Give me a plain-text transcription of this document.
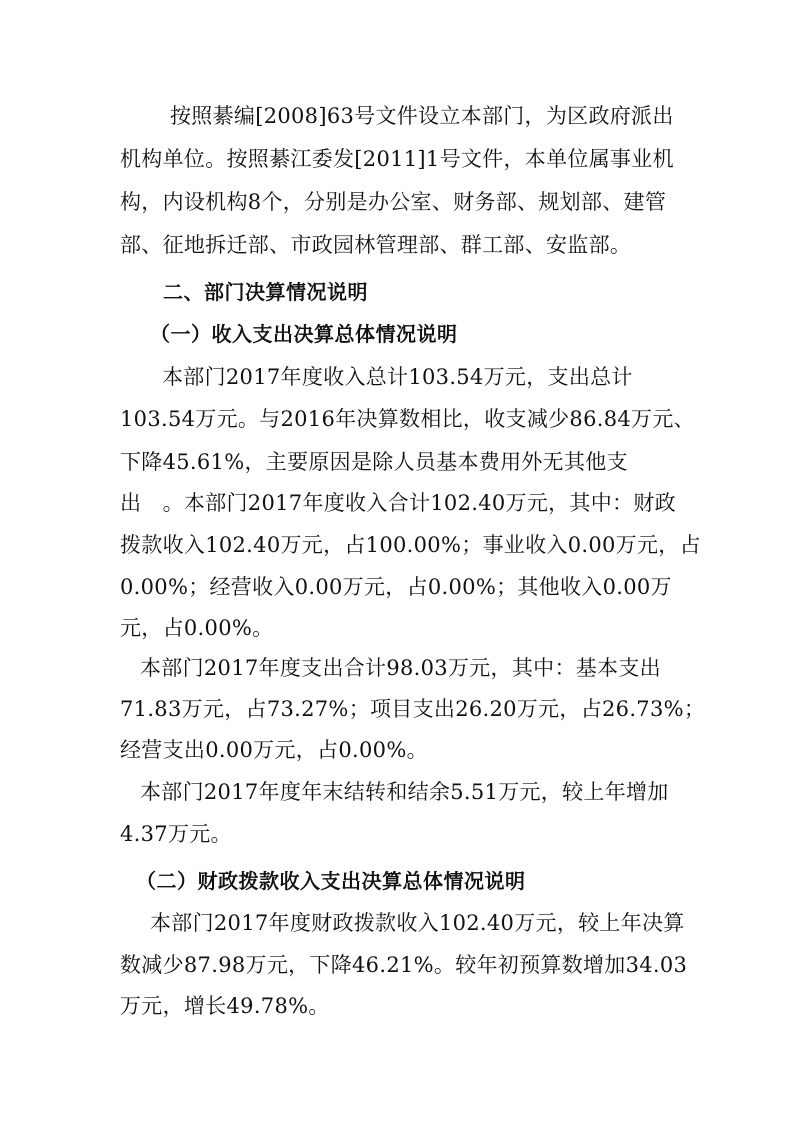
按照綦编[2008]63号文件设立本部门，为区政府派出
机构单位。按照綦江委发[2011]1号文件，本单位属事业机
构，内设机构8个，分别是办公室、财务部、规划部、建管
部、征地拆迁部、市政园林管理部、群工部、安监部。
二、部门决算情况说明
（一）收入支出决算总体情况说明
本部门2017年度收入总计103.54万元，支出总计
103.54万元。与2016年决算数相比，收支减少86.84万元、
下降45.61%，主要原因是除人员基本费用外无其他支
出　。本部门2017年度收入合计102.40万元，其中：财政
拨款收入102.40万元，占100.00%；事业收入0.00万元，占
0.00%；经营收入0.00万元，占0.00%；其他收入0.00万
元，占0.00%。
本部门2017年度支出合计98.03万元，其中：基本支出
71.83万元，占73.27%；项目支出26.20万元，占26.73%；
经营支出0.00万元，占0.00%。
本部门2017年度年末结转和结余5.51万元，较上年增加
4.37万元。
（二）财政拨款收入支出决算总体情况说明
本部门2017年度财政拨款收入102.40万元，较上年决算
数减少87.98万元，下降46.21%。较年初预算数增加34.03
万元，增长49.78%。
